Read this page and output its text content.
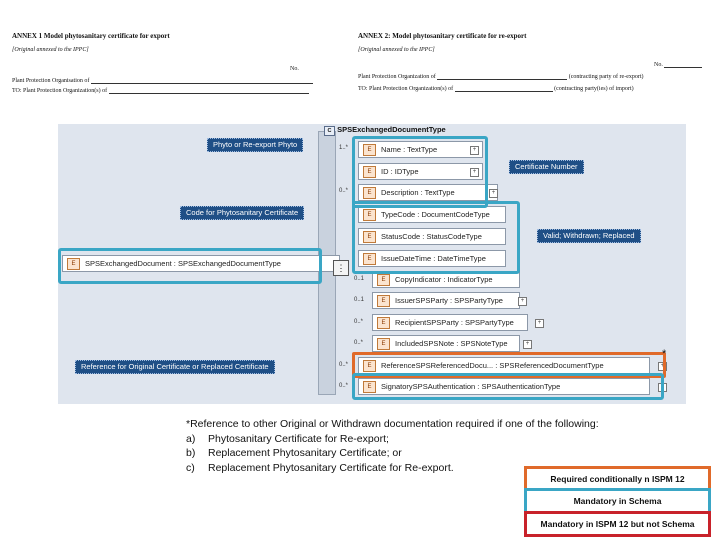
ANNEX 1 Model phytosanitary certificate for export
[Original annexed to the IPPC]
No.
Plant Protection Organisation of
TO: Plant Protection Organization(s) of
ANNEX 2: Model phytosanitary certificate for re-export
[Original annexed to the IPPC]
No.
Plant Protection Organization of	(contracting party of re-export)
TO: Plant Protection Organization(s) of	(contracting party(ies) of import)
C SPSExchangedDocumentType
E	SPSExchangedDocument : SPSExchangedDocumentType	⋮
E	Name : TextType
1..*	+
E	ID : IDType	+
E	Description : TextType
0..*	+
E	TypeCode : DocumentCodeType
E	StatusCode : StatusCodeType
E	IssueDateTime : DateTimeType
E	CopyIndicator : IndicatorType
0..1
E	IssuerSPSParty : SPSPartyType
0..1	+
E	RecipientSPSParty : SPSPartyType
0..*	+
E	IncludedSPSNote : SPSNoteType
0..*	+
E	ReferenceSPSReferencedDocu... : SPSReferencedDocumentType
0..*	+
E	SignatorySPSAuthentication : SPSAuthenticationType
0..*	+
Phyto or Re-export Phyto
Certificate Number
Code for Phytosanitary Certificate
Valid; Withdrawn; Replaced
Reference for Original Certificate or Replaced Certificate
*
*Reference to other Original or Withdrawn documentation required if one of the following:
a)	Phytosanitary Certificate for Re-export;
b)	Replacement Phytosanitary Certificate; or
c)	Replacement Phytosanitary Certificate for Re-export.
Required conditionally n ISPM 12
Mandatory in Schema
Mandatory in ISPM 12 but not Schema
